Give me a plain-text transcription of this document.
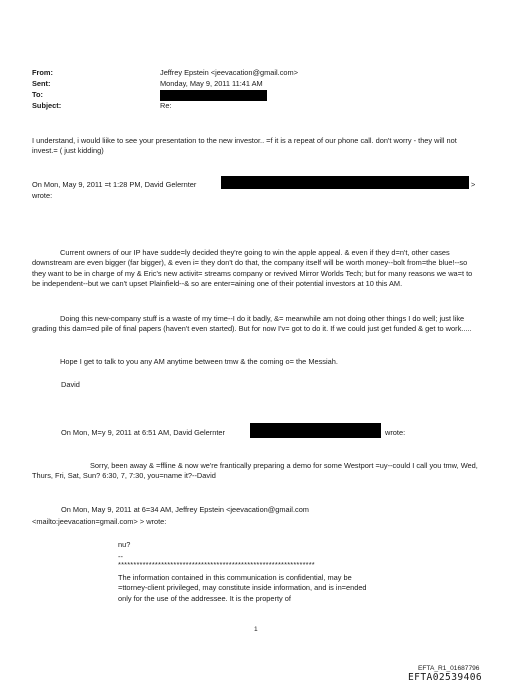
From:	Jeffrey Epstein <jeevacation@gmail.com>
Sent:	Monday, May 9, 2011 11:41 AM
To:
Subject:	Re:

I understand, i would liike to see your presentation to the new investor.. =f it is a repeat of our phone call. don't worry - they will not invest.= ( just kidding)

On Mon, May 9, 2011 =t 1:28 PM, David Gelernter	>
wrote:

Current owners of our IP have sudde=ly decided they're going to win the apple appeal. & even if they d=n't, other cases downstream are even bigger (far bigger), & even i= they don't do that, the company itself will be worth money--bolt from=the blue!--so they want to be in charge of my & Eric's new activit= streams company or revived Mirror Worlds Tech; but for many reasons we wa=t to be independent--but we can't upset Plainfield--& so are enter=aining one of their potential investors at 10 this AM.

Doing this new-company stuff is a waste of my time--I do it badly, &= meanwhile am not doing other things I do well; just like grading this dam=ed pile of final papers (haven't even started). But for now I'v= got to do it. If we could just get funded & get to work.....

Hope I get to talk to you any AM anytime between tmw & the coming o= the Messiah.

David
On Mon, M=y 9, 2011 at 6:51 AM, David Gelernter	wrote:

Sorry, been away & =ffline & now we're frantically preparing a demo for some Westport =uy--could I call you tmw, Wed, Thurs, Fri, Sat, Sun? 6:30, 7, 7:30, you=name it?--David

On Mon, May 9, 2011 at 6=34 AM, Jeffrey Epstein <jeevacation@gmail.com
<mailto:jeevacation=gmail.com> > wrote:
nu?
--
****************************************************************

The information contained in this communication is confidential, may be =ttorney-client privileged, may constitute inside information, and is in=ended only for the use of the addressee. It is the property of

1
EFTA_R1_01687796
EFTA02539406
